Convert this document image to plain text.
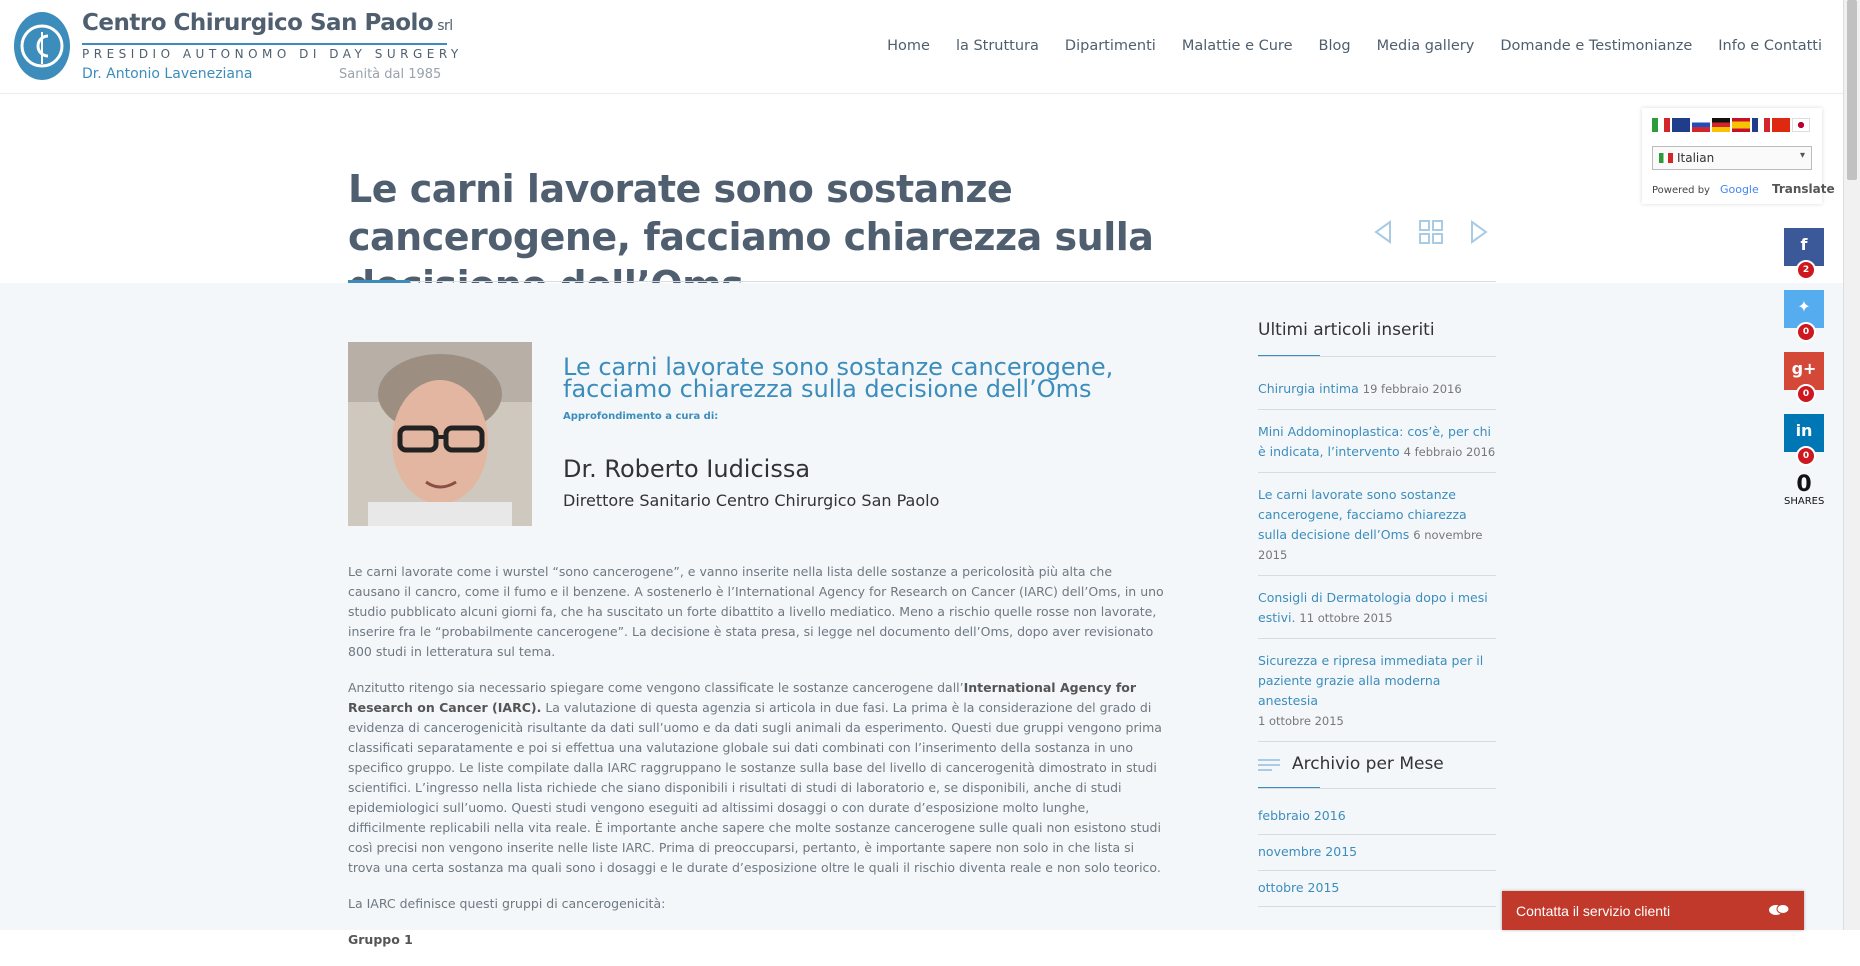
Centro Chirurgico San Paolo srl
PRESIDIO AUTONOMO DI DAY SURGERY
Dr. Antonio Laveneziana	Sanità dal 1985
Home la Struttura Dipartimenti Malattie e Cure Blog Media gallery Domande e Testimonianze Info e Contatti
Le carni lavorate sono sostanze cancerogene, facciamo chiarezza sulla
Italian	▾
Powered by Google Translate
Le carni lavorate sono sostanze cancerogene, facciamo chiarezza sulla decisione dell’Oms
Approfondimento a cura di:
Dr. Roberto Iudicissa
Direttore Sanitario Centro Chirurgico San Paolo

Le carni lavorate come i wurstel “sono cancerogene”, e vanno inserite nella lista delle sostanze a pericolosità più alta che causano il cancro, come il fumo e il benzene. A sostenerlo è l’International Agency for Research on Cancer (IARC) dell’Oms, in uno studio pubblicato alcuni giorni fa, che ha suscitato un forte dibattito a livello mediatico. Meno a rischio quelle rosse non lavorate, inserire fra le “probabilmente cancerogene”. La decisione è stata presa, si legge nel documento dell’Oms, dopo aver revisionato 800 studi in letteratura sul tema.

Anzitutto ritengo sia necessario spiegare come vengono classificate le sostanze cancerogene dall’International Agency for Research on Cancer (IARC). La valutazione di questa agenzia si articola in due fasi. La prima è la considerazione del grado di evidenza di cancerogenicità risultante da dati sull’uomo e da dati sugli animali da esperimento. Questi due gruppi vengono prima classificati separatamente e poi si effettua una valutazione globale sui dati combinati con l’inserimento della sostanza in uno specifico gruppo. Le liste compilate dalla IARC raggruppano le sostanze sulla base del livello di cancerogenità dimostrato in studi scientifici. L’ingresso nella lista richiede che siano disponibili i risultati di studi di laboratorio e, se disponibili, anche di studi epidemiologici sull’uomo. Questi studi vengono eseguiti ad altissimi dosaggi o con durate d’esposizione molto lunghe, difficilmente replicabili nella vita reale. È importante anche sapere che molte sostanze cancerogene sulle quali non esistono studi così precisi non vengono inserite nelle liste IARC. Prima di preoccuparsi, pertanto, è importante sapere non solo in che lista si trova una certa sostanza ma quali sono i dosaggi e le durate d’esposizione oltre le quali il rischio diventa reale e non solo teorico.

La IARC definisce questi gruppi di cancerogenicità:

Gruppo 1

Ultimi articoli inseriti
Chirurgia intima 19 febbraio 2016
Mini Addominoplastica: cos’è, per chi è indicata, l’intervento 4 febbraio 2016
Le carni lavorate sono sostanze cancerogene, facciamo chiarezza sulla decisione dell’Oms 6 novembre 2015
Consigli di Dermatologia dopo i mesi estivi. 11 ottobre 2015
Sicurezza e ripresa immediata per il paziente grazie alla moderna anestesia
1 ottobre 2015
Archivio per Mese
febbraio 2016
novembre 2015
ottobre 2015
f
2
✦
0
g+
0
in
0
0
SHARES
Contatta il servizio clienti
